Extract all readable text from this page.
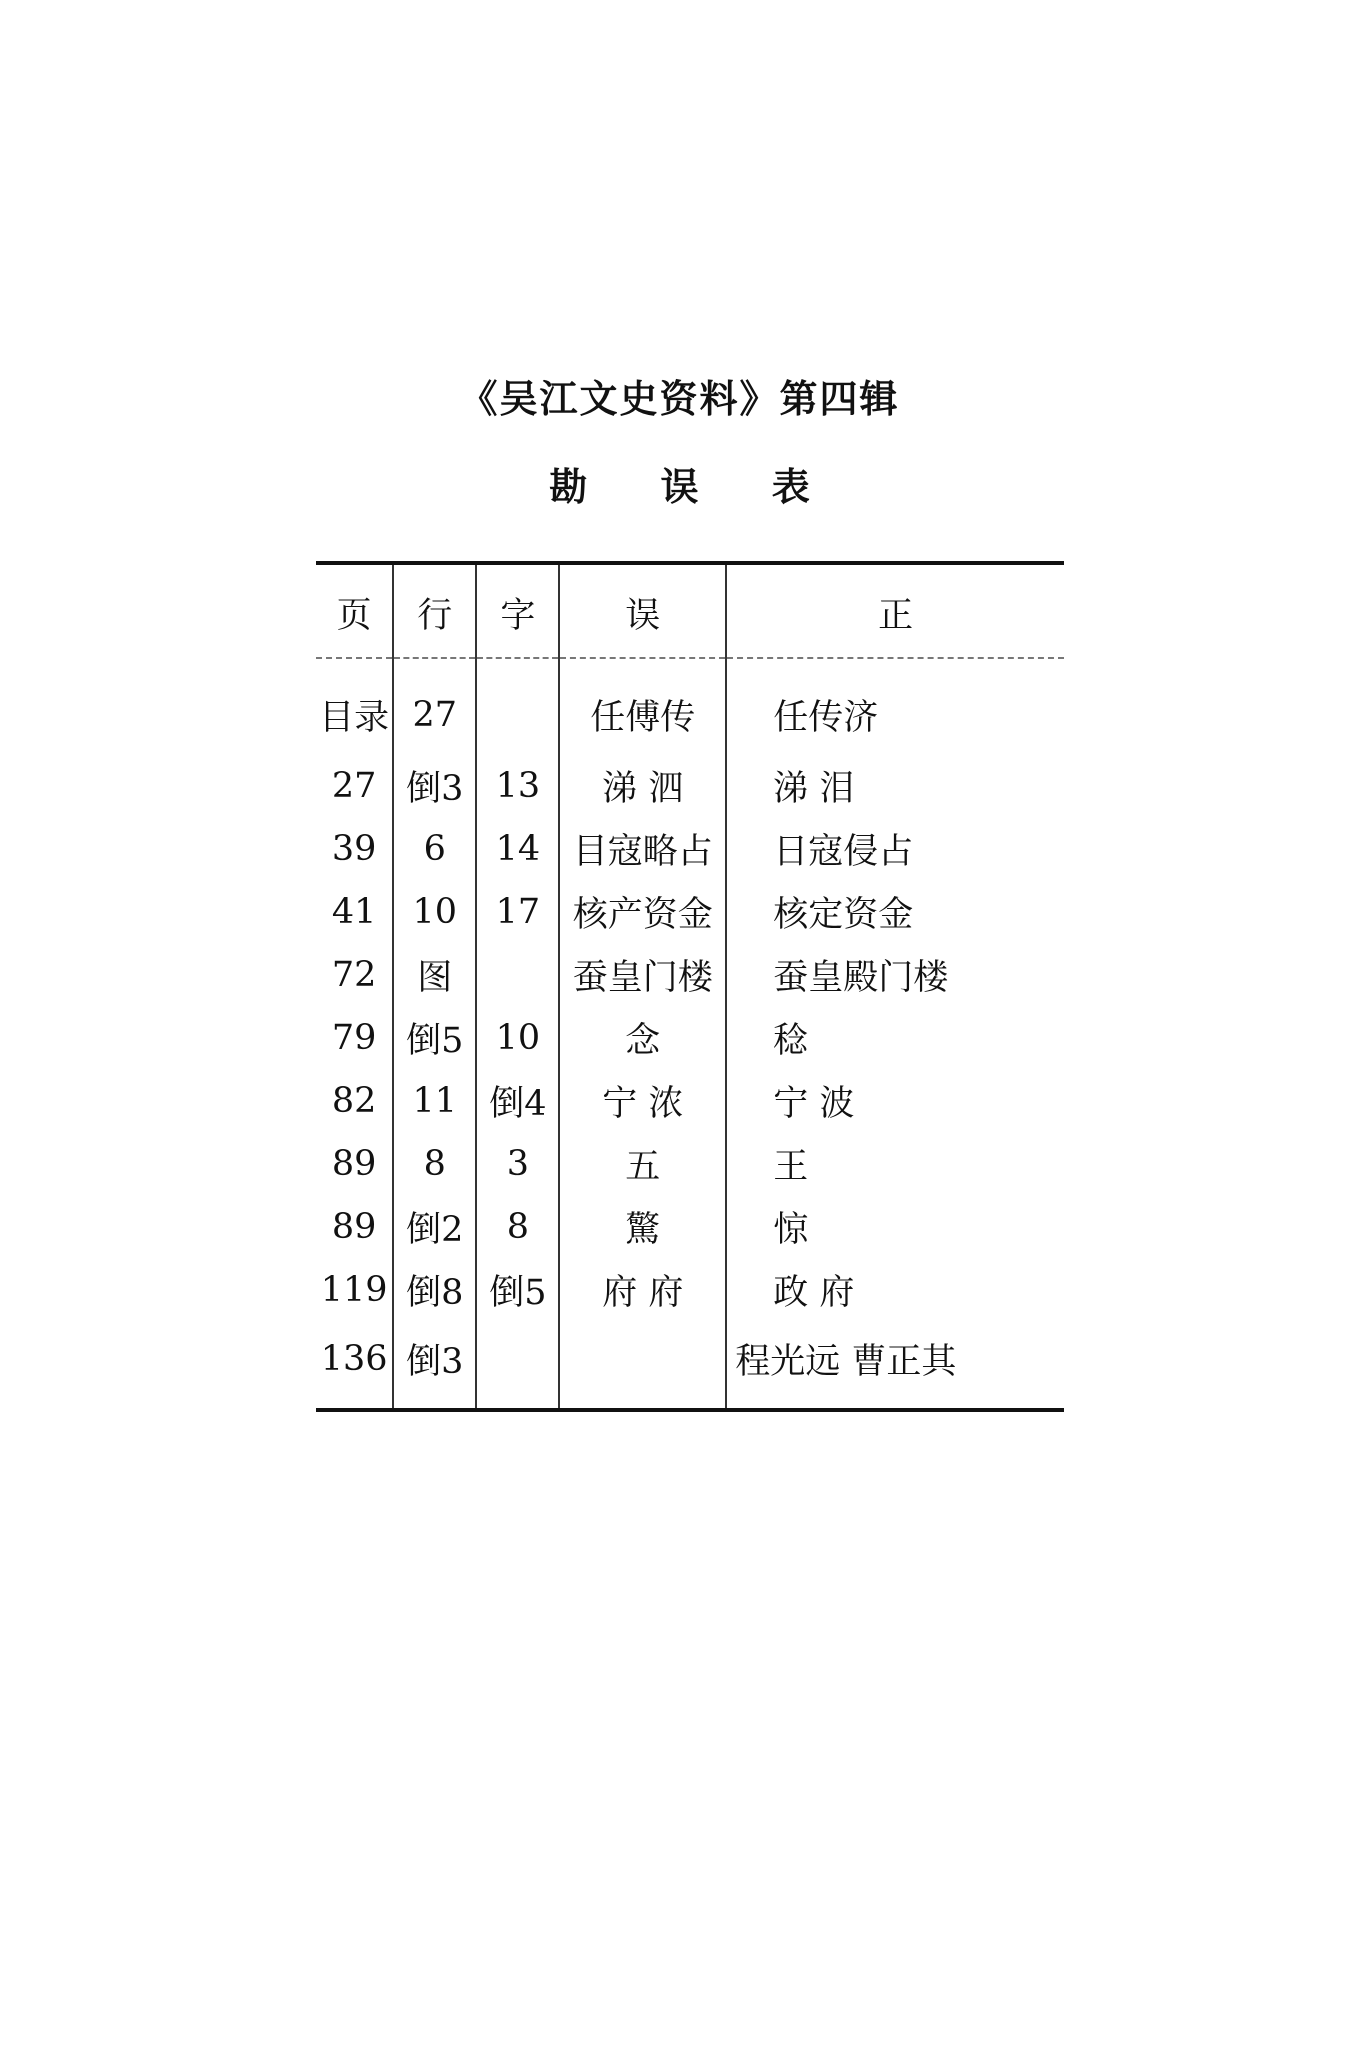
《吴江文史资料》第四辑
勘 误 表
页	行	字	误	正
目录	27		任傅传	任传济
27	倒3	13	涕 泗	涕 泪
39	6	14	目寇略占	日寇侵占
41	10	17	核产资金	核定资金
72	图		蚕皇门楼	蚕皇殿门楼
79	倒5	10	念	稔
82	11	倒4	宁 浓	宁 波
89	8	3	五	王
89	倒2	8	驚	惊
119	倒8	倒5	府 府	政 府
136	倒3			程光远 曹正其
